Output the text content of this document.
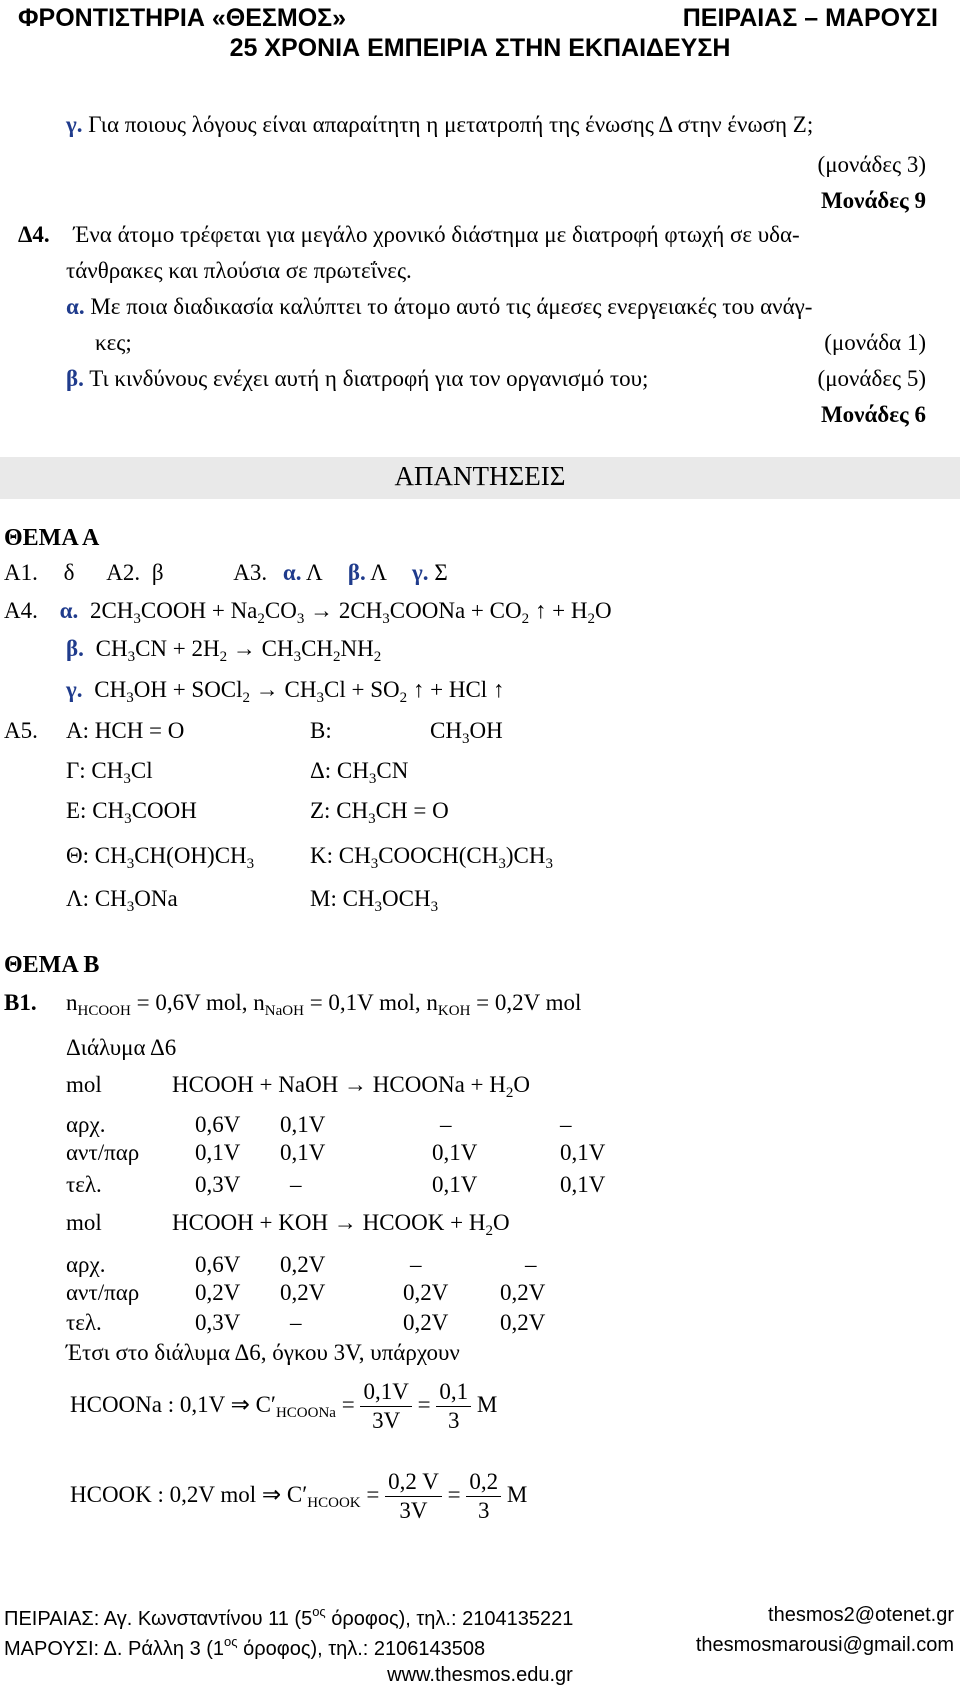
ΦΡΟΝΤΙΣΤΗΡΙΑ «ΘΕΣΜΟΣ»	ΠΕΙΡΑΙΑΣ – ΜΑΡΟΥΣΙ
25 ΧΡΟΝΙΑ ΕΜΠΕΙΡΙΑ ΣΤΗΝ ΕΚΠΑΙΔΕΥΣΗ
γ. Για ποιους λόγους είναι απαραίτητη η μετατροπή της ένωσης Δ στην ένωση Ζ;
(μονάδες 3)
Μονάδες 9
Δ4. Ένα άτομο τρέφεται για μεγάλο χρονικό διάστημα με διατροφή φτωχή σε υδα-
τάνθρακες και πλούσια σε πρωτεΐνες.
α. Με ποια διαδικασία καλύπτει το άτομο αυτό τις άμεσες ενεργειακές του ανάγ-
κες;	(μονάδα 1)
β. Τι κινδύνους ενέχει αυτή η διατροφή για τον οργανισμό του;	(μονάδες 5)
Μονάδες 6
ΑΠΑΝΤΗΣΕΙΣ
ΘΕΜΑ Α
Α1. δ Α2. β	Α3. α. Λ β. Λ γ. Σ
Α4. α. $2CH_3COOH + Na_2CO_3$ → $2CH_3COONa + CO_2$ ↑ + $H_2O$
β. $CH_3CN + 2H_2 \to CH_3CH_2NH_2$
γ. $CH_3OH$ + SOCl$_2$ → $CH_3Cl + SO_2$ ↑ + HCl ↑
Α5. Α: HCH = O	Β:	$CH_3OH$
Γ: $CH_3Cl$	Δ: $CH_3CN$
Ε: $CH_3COOH$	Ζ: $CH_3CH = O$
Θ: $CH_3CH(OH)CH_3$ Κ: $CH_3COOCH(CH_3)CH_3$
Λ: $CH_3ONa$	Μ: $CH_3OCH_3$
ΘΕΜΑ Β
Β1. $n_{HCOOH} = 0,6V$ mol, $n_{NaOH} = 0,1V$ mol, $n_{KOH} = 0,2V$ mol
Διάλυμα Δ6
mol	HCOOH + NaOH → HCOONa + $H_2O$
αρχ.	0,6V 0,1V	–	–
αντ/παρ 0,1V 0,1V	0,1V	0,1V
τελ.	0,3V –	0,1V	0,1V
mol	HCOOH + KOH → HCOOK + $H_2O$
αρχ.	0,6V 0,2V	–	–
αντ/παρ 0,2V 0,2V	0,2V 0,2V
τελ.	0,3V –	0,2V 0,2V
Έτσι στο διάλυμα Δ6, όγκου 3V, υπάρχουν
HCOONa : 0,1V ⇒ $C'_{HCOONa} = \frac{0,1V}{3V} = \frac{0,1}{3}$ M
HCOOK : 0,2V mol ⇒ $C'_{HCOOK} = \frac{0,2 V}{3V} = \frac{0,2}{3}$ M
ΠΕΙΡΑΙΑΣ: Αγ. Κωνσταντίνου 11 ($5^{o\varsigma}$ όροφος), τηλ.: 2104135221	thesmos2@otenet.gr
ΜΑΡΟΥΣΙ: Δ. Ράλλη 3 ($1^{o\varsigma}$ όροφος), τηλ.: 2106143508	thesmosmarousi@gmail.com
www.thesmos.edu.gr
